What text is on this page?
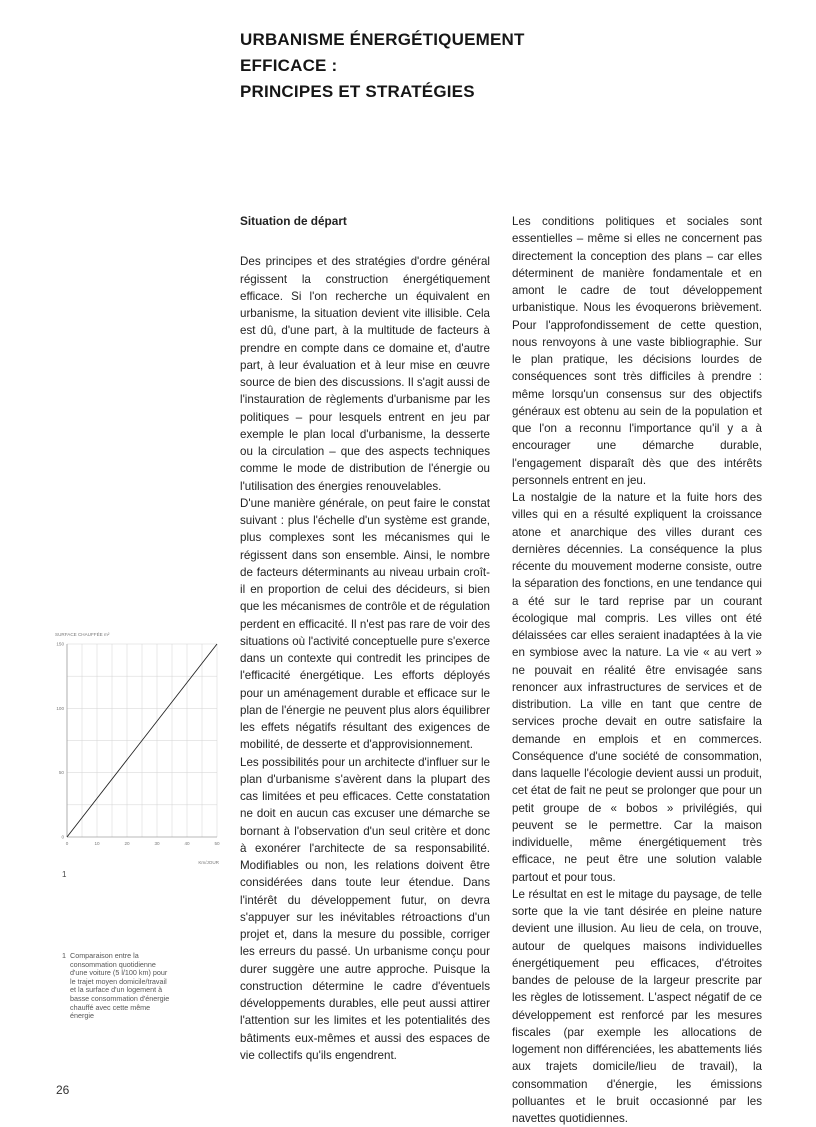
URBANISME ÉNERGÉTIQUEMENT
EFFICACE :
PRINCIPES ET STRATÉGIES

Situation de départ

Des principes et des stratégies d'ordre général régissent la construction énergétiquement efficace. Si l'on recherche un équivalent en urbanisme, la situation devient vite illisible. Cela est dû, d'une part, à la multitude de facteurs à prendre en compte dans ce domaine et, d'autre part, à leur évaluation et à leur mise en œuvre source de bien des discussions. Il s'agit aussi de l'instauration de règlements d'urbanisme par les politiques – pour lesquels entrent en jeu par exemple le plan local d'urbanisme, la desserte ou la circulation – que des aspects techniques comme le mode de distribution de l'énergie ou l'utilisation des énergies renouvelables.

D'une manière générale, on peut faire le constat suivant : plus l'échelle d'un système est grande, plus complexes sont les mécanismes qui le régissent dans son ensemble. Ainsi, le nombre de facteurs déterminants au niveau urbain croît-il en proportion de celui des décideurs, si bien que les mécanismes de contrôle et de régulation perdent en efficacité. Il n'est pas rare de voir des situations où l'activité conceptuelle pure s'exerce dans un contexte qui contredit les principes de l'efficacité énergétique. Les efforts déployés pour un aménagement durable et efficace sur le plan de l'énergie ne peuvent plus alors équilibrer les effets négatifs résultant des exigences de mobilité, de desserte et d'approvisionnement.

Les possibilités pour un architecte d'influer sur le plan d'urbanisme s'avèrent dans la plupart des cas limitées et peu efficaces. Cette constatation ne doit en aucun cas excuser une démarche se bornant à l'observation d'un seul critère et donc à exonérer l'architecte de sa responsabilité. Modifiables ou non, les relations doivent être considérées dans toute leur étendue. Dans l'intérêt du développement futur, on devra s'appuyer sur les inévitables rétroactions d'un projet et, dans la mesure du possible, corriger les erreurs du passé. Un urbanisme conçu pour durer suggère une autre approche. Puisque la construction détermine le cadre d'éventuels développements durables, elle peut aussi attirer l'attention sur les limites et les potentialités des bâtiments eux-mêmes et aussi des espaces de vie collectifs qu'ils engendrent.

Les conditions politiques et sociales sont essentielles – même si elles ne concernent pas directement la conception des plans – car elles déterminent de manière fondamentale et en amont le cadre de tout développement urbanistique. Nous les évoquerons brièvement. Pour l'approfondissement de cette question, nous renvoyons à une vaste bibliographie. Sur le plan pratique, les décisions lourdes de conséquences sont très difficiles à prendre : même lorsqu'un consensus sur des objectifs généraux est obtenu au sein de la population et que l'on a reconnu l'importance qu'il y a à encourager une démarche durable, l'engagement disparaît dès que des intérêts personnels entrent en jeu.

La nostalgie de la nature et la fuite hors des villes qui en a résulté expliquent la croissance atone et anarchique des villes durant ces dernières décennies. La conséquence la plus récente du mouvement moderne consiste, outre la séparation des fonctions, en une tendance qui a été sur le tard reprise par un courant écologique mal compris. Les villes ont été délaissées car elles seraient inadaptées à la vie en symbiose avec la nature. La vie « au vert » ne pouvait en réalité être envisagée sans renoncer aux infrastructures de services et de distribution. La ville en tant que centre de services proche devait en outre satisfaire la demande en emplois et en commerces. Conséquence d'une société de consommation, dans laquelle l'écologie devient aussi un produit, cet état de fait ne peut se prolonger que pour un petit groupe de « bobos » privilégiés, qui peuvent se le permettre. Car la maison individuelle, même énergétiquement très efficace, ne peut être une solution valable partout et pour tous.

Le résultat en est le mitage du paysage, de telle sorte que la vie tant désirée en pleine nature devient une illusion. Au lieu de cela, on trouve, autour de quelques maisons individuelles énergétiquement peu efficaces, d'étroites bandes de pelouse de la largeur prescrite par les règles de lotissement. L'aspect négatif de ce développement est renforcé par les mesures fiscales (par exemple les allocations de logement non différenciées, les abattements liés aux trajets domicile/lieu de travail), la consommation d'énergie, les émissions polluantes et le bruit occasionné par les navettes quotidiennes.

SURFACE CHAUFFÉE m²
Km/JOUR
0	10	20	30	40	50
0
50
100
150
1
1 Comparaison entre la consommation quotidienne d'une voiture (5 l/100 km) pour le trajet moyen domicile/travail et la surface d'un logement à basse consommation d'énergie chauffé avec cette même énergie
26
